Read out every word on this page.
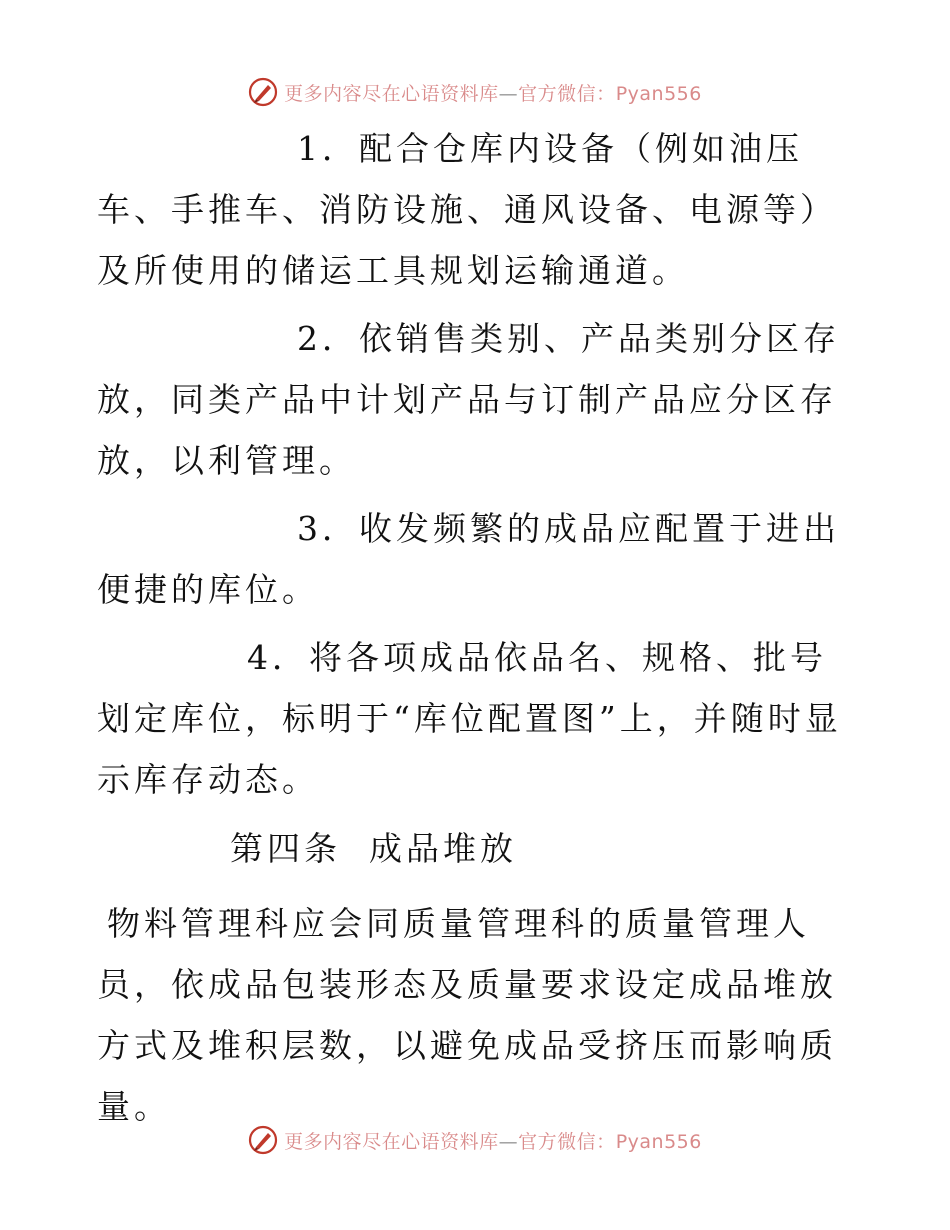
更多内容尽在心语资料库—官方微信：Pyan556

1．配合仓库内设备（例如油压车、手推车、消防设施、通风设备、电源等）及所使用的储运工具规划运输通道。

2．依销售类别、产品类别分区存放，同类产品中计划产品与订制产品应分区存放，以利管理。

3．收发频繁的成品应配置于进出便捷的库位。

4．将各项成品依品名、规格、批号划定库位，标明于“库位配置图”上，并随时显示库存动态。

第四条 成品堆放

物料管理科应会同质量管理科的质量管理人员，依成品包装形态及质量要求设定成品堆放方式及堆积层数，以避免成品受挤压而影响质量。

更多内容尽在心语资料库—官方微信：Pyan556
